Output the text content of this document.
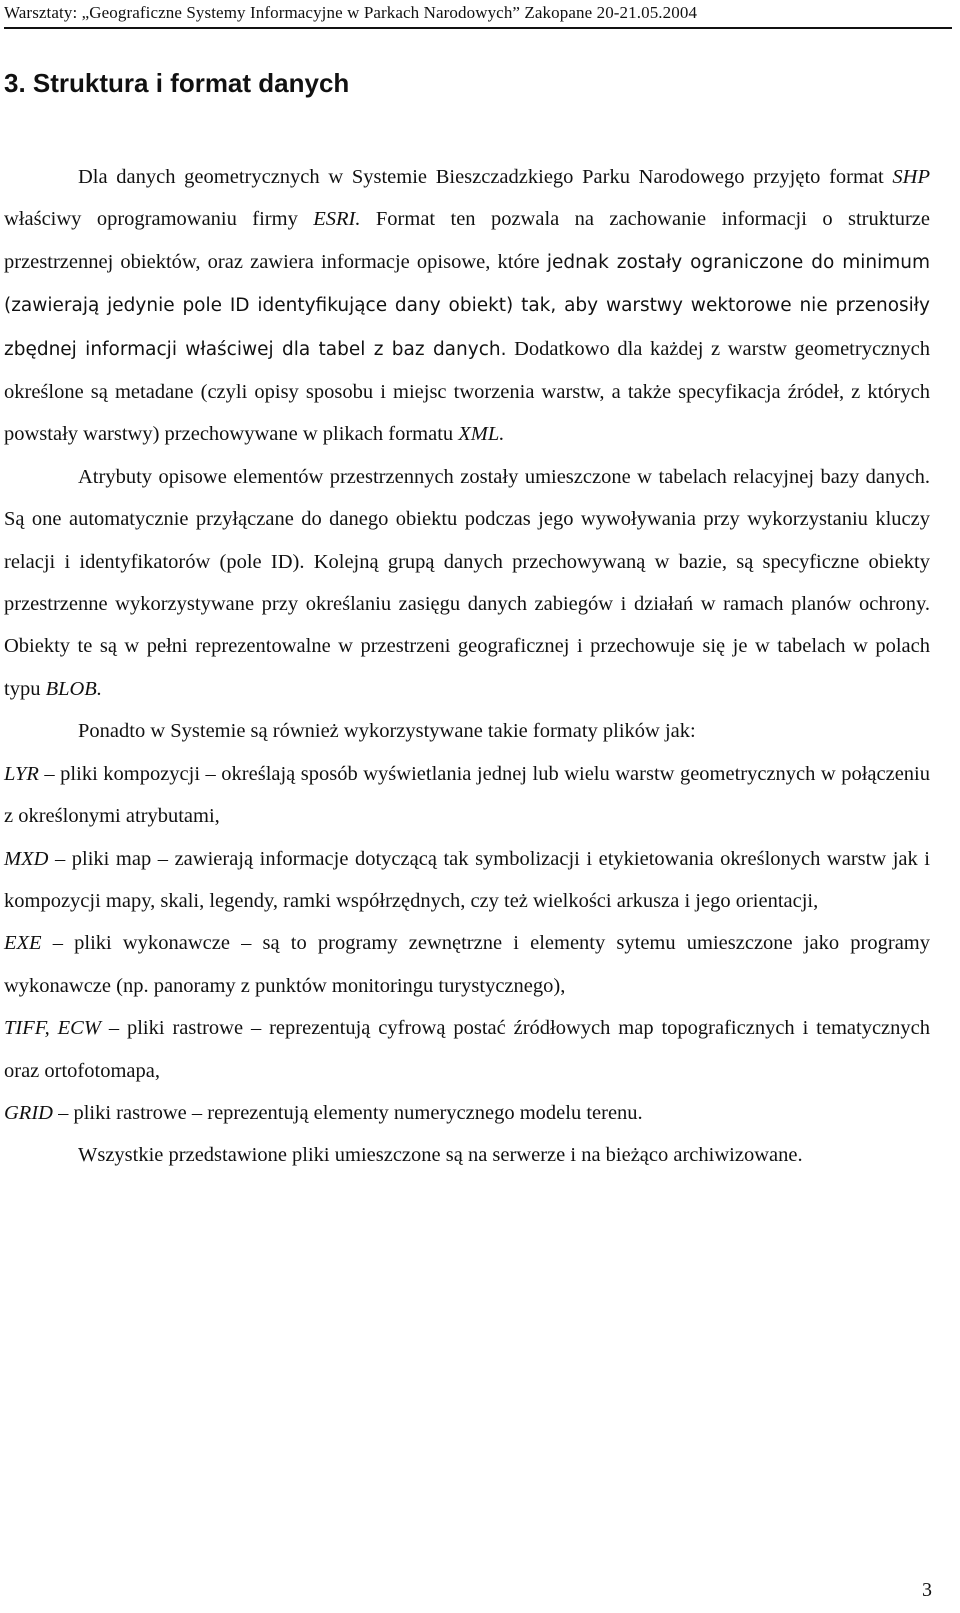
Warsztaty: „Geograficzne Systemy Informacyjne w Parkach Narodowych” Zakopane 20-21.05.2004
3. Struktura i format danych

Dla danych geometrycznych w Systemie Bieszczadzkiego Parku Narodowego przyjęto format SHP właściwy oprogramowaniu firmy ESRI. Format ten pozwala na zachowanie informacji o strukturze przestrzennej obiektów, oraz zawiera informacje opisowe, które jednak zostały ograniczone do minimum (zawierają jedynie pole ID identyfikujące dany obiekt) tak, aby warstwy wektorowe nie przenosiły zbędnej informacji właściwej dla tabel z baz danych. Dodatkowo dla każdej z warstw geometrycznych określone są metadane (czyli opisy sposobu i miejsc tworzenia warstw, a także specyfikacja źródeł, z których powstały warstwy) przechowywane w plikach formatu XML.

Atrybuty opisowe elementów przestrzennych zostały umieszczone w tabelach relacyjnej bazy danych. Są one automatycznie przyłączane do danego obiektu podczas jego wywoływania przy wykorzystaniu kluczy relacji i identyfikatorów (pole ID). Kolejną grupą danych przechowywaną w bazie, są specyficzne obiekty przestrzenne wykorzystywane przy określaniu zasięgu danych zabiegów i działań w ramach planów ochrony. Obiekty te są w pełni reprezentowalne w przestrzeni geograficznej i przechowuje się je w tabelach w polach typu BLOB.

Ponadto w Systemie są również wykorzystywane takie formaty plików jak:

LYR – pliki kompozycji – określają sposób wyświetlania jednej lub wielu warstw geometrycznych w połączeniu z określonymi atrybutami,

MXD – pliki map – zawierają informacje dotyczącą tak symbolizacji i etykietowania określonych warstw jak i kompozycji mapy, skali, legendy, ramki współrzędnych, czy też wielkości arkusza i jego orientacji,

EXE – pliki wykonawcze – są to programy zewnętrzne i elementy sytemu umieszczone jako programy wykonawcze (np. panoramy z punktów monitoringu turystycznego),

TIFF, ECW – pliki rastrowe – reprezentują cyfrową postać źródłowych map topograficznych i tematycznych oraz ortofotomapa,

GRID – pliki rastrowe – reprezentują elementy numerycznego modelu terenu.

Wszystkie przedstawione pliki umieszczone są na serwerze i na bieżąco archiwizowane.

3
